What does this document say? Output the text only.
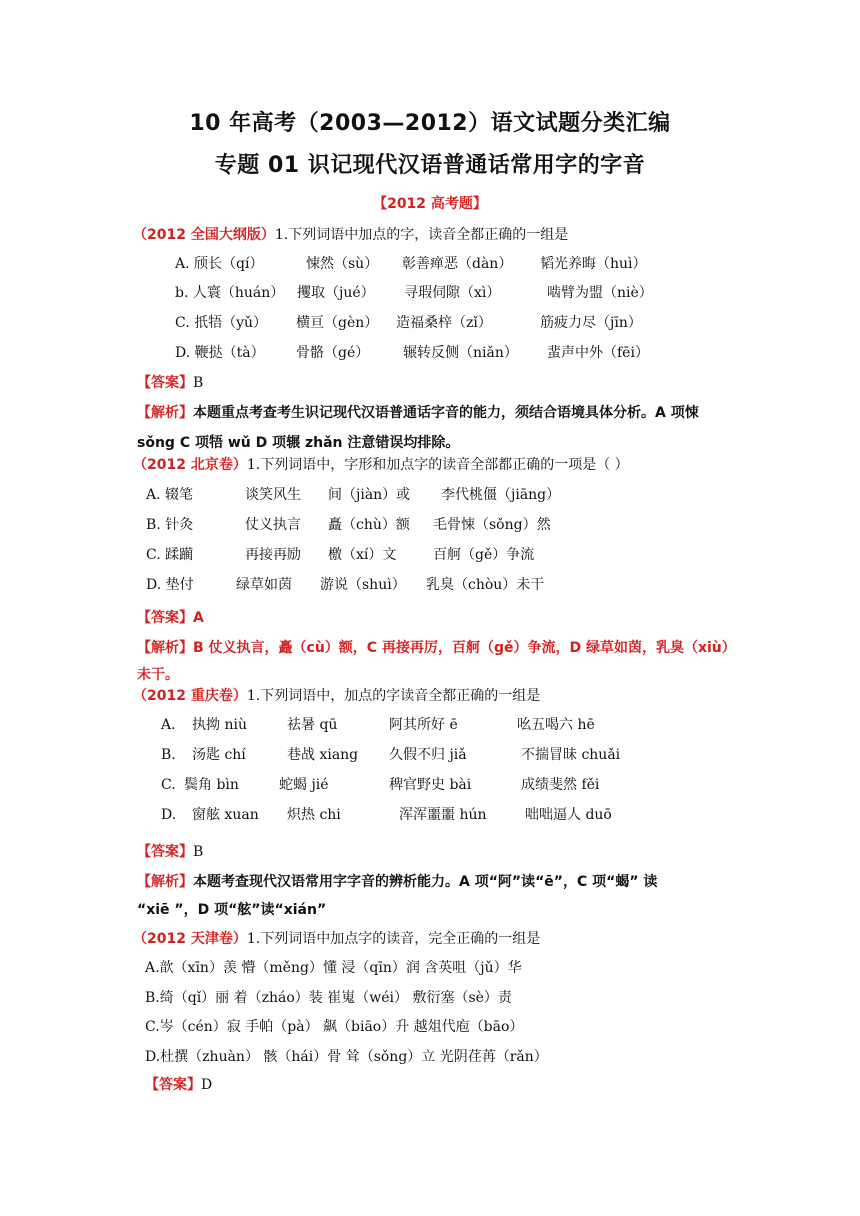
10 年高考（2003—2012）语文试题分类汇编
专题 01 识记现代汉语普通话常用字的字音
【2012 高考题】
（2012 全国大纲版）1.下列词语中加点的字，读音全都正确的一组是
A. 颀长（qí）	悚然（sù） 彰善瘅恶（dàn） 韬光养晦（huì）
b. 人寰（huán） 攫取（jué） 寻瑕伺隙（xì）	啮臂为盟（niè）
C. 扺牾（yǔ） 横亘（gèn） 造福桑梓（zǐ）	筋疲力尽（jīn）
D. 鞭挞（tà） 骨骼（gé） 辗转反侧（niǎn） 蜚声中外（fēi）
【答案】B
【解析】本题重点考查考生识记现代汉语普通话字音的能力，须结合语境具体分析。A 项悚
sǒng C 项牾 wǔ D 项辗 zhǎn 注意错误均排除。
（2012 北京卷）1.下列词语中，字形和加点字的读音全部都正确的一项是（ ）
A. 辍笔	谈笑风生 间（jiàn）或 李代桃僵（jiāng）
B. 针灸	仗义执言 矗（chù）额 毛骨悚（sǒng）然
C. 蹂躏	再接再励 檄（xí）文	百舸（gě）争流
D. 垫付	绿草如茵 游说（shuì） 乳臭（chòu）未干
【答案】A
【解析】B 仗义执言，矗（cù）额，C 再接再厉，百舸（gě）争流，D 绿草如茵，乳臭（xiù）
未干。
（2012 重庆卷）1.下列词语中，加点的字读音全都正确的一组是
A. 执拗 niù	祛暑 qū	阿其所好 ē	吆五喝六 hē
B. 汤匙 chí	巷战 xiang 久假不归 jiǎ	不揣冒昧 chuǎi
C. 鬓角 bìn	蛇蝎 jié	稗官野史 bài	成绩斐然 fěi
D. 窗舷 xuan 炽热 chi	浑浑噩噩 hún	咄咄逼人 duō
【答案】B
【解析】本题考查现代汉语常用字字音的辨析能力。A 项“阿”读“ē”，C 项“蝎” 读
“xiē ”，D 项“舷”读“xián”
（2012 天津卷）1.下列词语中加点字的读音，完全正确的一组是
A.歆（xīn）羡 懵（měng）懂 浸（qīn）润 含英咀（jǔ）华
B.绮（qǐ）丽 着（zháo）装 崔嵬（wéi） 敷衍塞（sè）责
C.岑（cén）寂 手帕（pà） 飙（biāo）升 越俎代庖（bāo）
D.杜撰（zhuàn） 骸（hái）骨 耸（sǒng）立 光阴荏苒（rǎn）
【答案】D
